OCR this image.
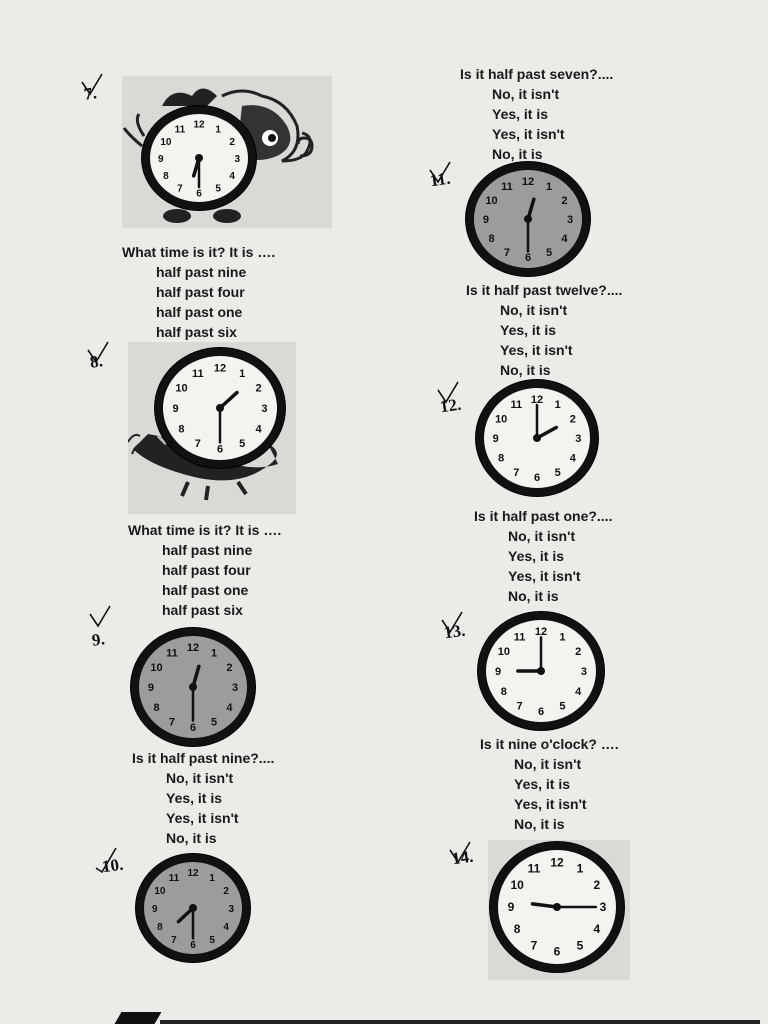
7.
12 1
2
3
4
5
6
7
8
9
10
11
What time is it? It is ….
half past nine
half past four
half past one
half past six
8.	12 1
2
3
4
5
6
7
8
9
10
11
What time is it? It is ….
half past nine
half past four
half past one
half past six
9.	12 1
2
3
4
5
6
7
8
9
10
11
Is it half past nine?....
No, it isn't
Yes, it is
Yes, it isn't
No, it is
10.	12 1
2
3
4
5
6
7
8
9
10
11
Is it half past seven?....
No, it isn't
Yes, it is
Yes, it isn't
No, it is
11.	12 1
2
3
4
5
6
7
8
9
10
11
Is it half past twelve?....
No, it isn't
Yes, it is
Yes, it isn't
No, it is
12.	12 1
2
3
4
5
6
7
8
9
10
11
Is it half past one?....
No, it isn't
Yes, it is
Yes, it isn't
No, it is
13.	12 1
2
3
4
5
6
7
8
9
10
11
Is it nine o'clock? ….
No, it isn't
Yes, it is
Yes, it isn't
No, it is
14.	12 1
2
3
4
5
6
7
8
9
10
11
